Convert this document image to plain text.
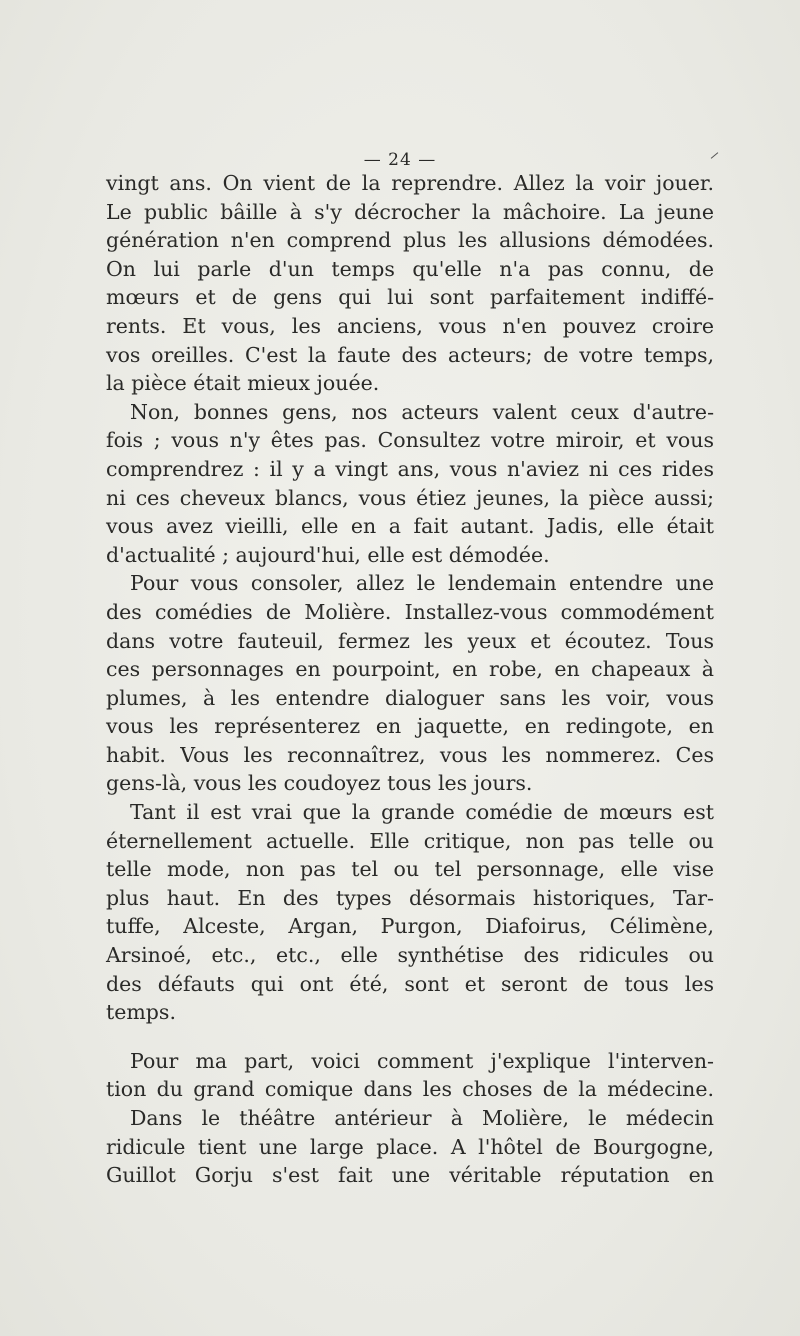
— 24 —
vingt ans. On vient de la reprendre. Allez la voir jouer.
Le public bâille à s'y décrocher la mâchoire. La jeune
génération n'en comprend plus les allusions démodées.
On lui parle d'un temps qu'elle n'a pas connu, de
mœurs et de gens qui lui sont parfaitement indiffé-
rents. Et vous, les anciens, vous n'en pouvez croire
vos oreilles. C'est la faute des acteurs; de votre temps,
la pièce était mieux jouée.
Non, bonnes gens, nos acteurs valent ceux d'autre-
fois ; vous n'y êtes pas. Consultez votre miroir, et vous
comprendrez : il y a vingt ans, vous n'aviez ni ces rides
ni ces cheveux blancs, vous étiez jeunes, la pièce aussi;
vous avez vieilli, elle en a fait autant. Jadis, elle était
d'actualité ; aujourd'hui, elle est démodée.
Pour vous consoler, allez le lendemain entendre une
des comédies de Molière. Installez-vous commodément
dans votre fauteuil, fermez les yeux et écoutez. Tous
ces personnages en pourpoint, en robe, en chapeaux à
plumes, à les entendre dialoguer sans les voir, vous
vous les représenterez en jaquette, en redingote, en
habit. Vous les reconnaîtrez, vous les nommerez. Ces
gens-là, vous les coudoyez tous les jours.
Tant il est vrai que la grande comédie de mœurs est
éternellement actuelle. Elle critique, non pas telle ou
telle mode, non pas tel ou tel personnage, elle vise
plus haut. En des types désormais historiques, Tar-
tuffe, Alceste, Argan, Purgon, Diafoirus, Célimène,
Arsinoé, etc., etc., elle synthétise des ridicules ou
des défauts qui ont été, sont et seront de tous les
temps.
Pour ma part, voici comment j'explique l'interven-
tion du grand comique dans les choses de la médecine.
Dans le théâtre antérieur à Molière, le médecin
ridicule tient une large place. A l'hôtel de Bourgogne,
Guillot Gorju s'est fait une véritable réputation en
